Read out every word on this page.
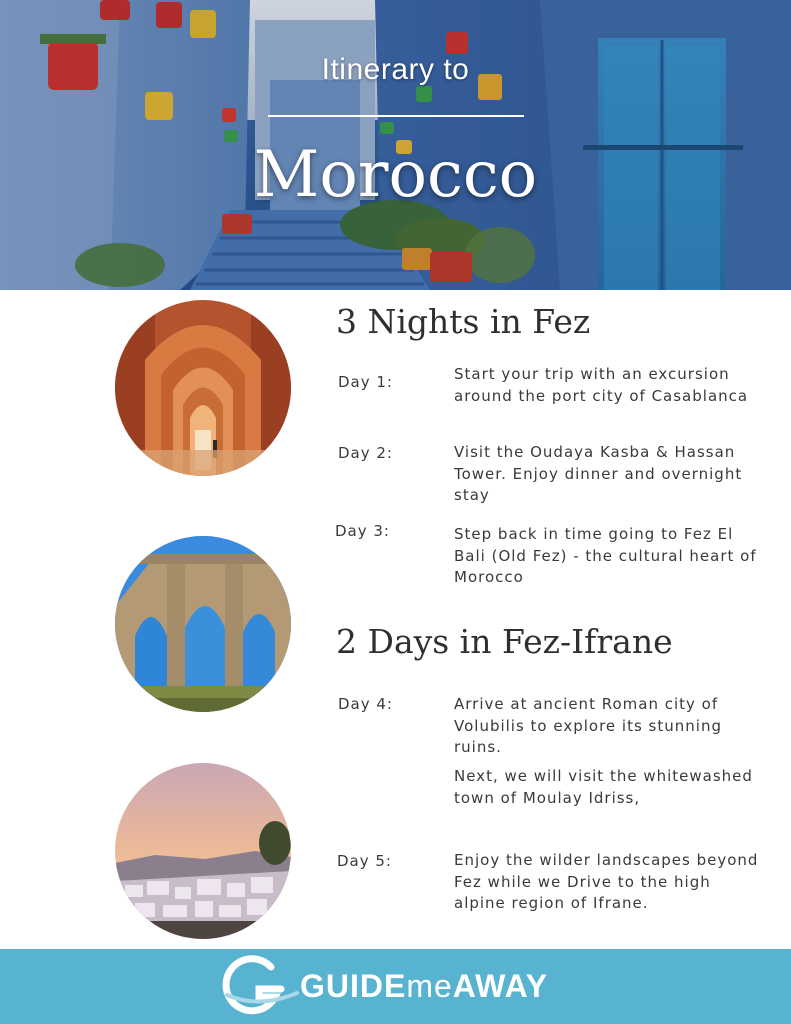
Itinerary to
Morocco
3 Nights in Fez
Day 1:	Start your trip with an excursion around the port city of Casablanca
Day 2:	Visit the Oudaya Kasba & Hassan Tower. Enjoy dinner and overnight stay
Day 3:	Step back in time going to Fez El Bali (Old Fez) - the cultural heart of Morocco
2 Days in Fez-Ifrane
Day 4:	Arrive at ancient Roman city of Volubilis to explore its stunning ruins.
Next, we will visit the whitewashed town of Moulay Idriss,
Day 5:	Enjoy the wilder landscapes beyond Fez while we Drive to the high alpine region of Ifrane.
GUIDEmeAWAY
